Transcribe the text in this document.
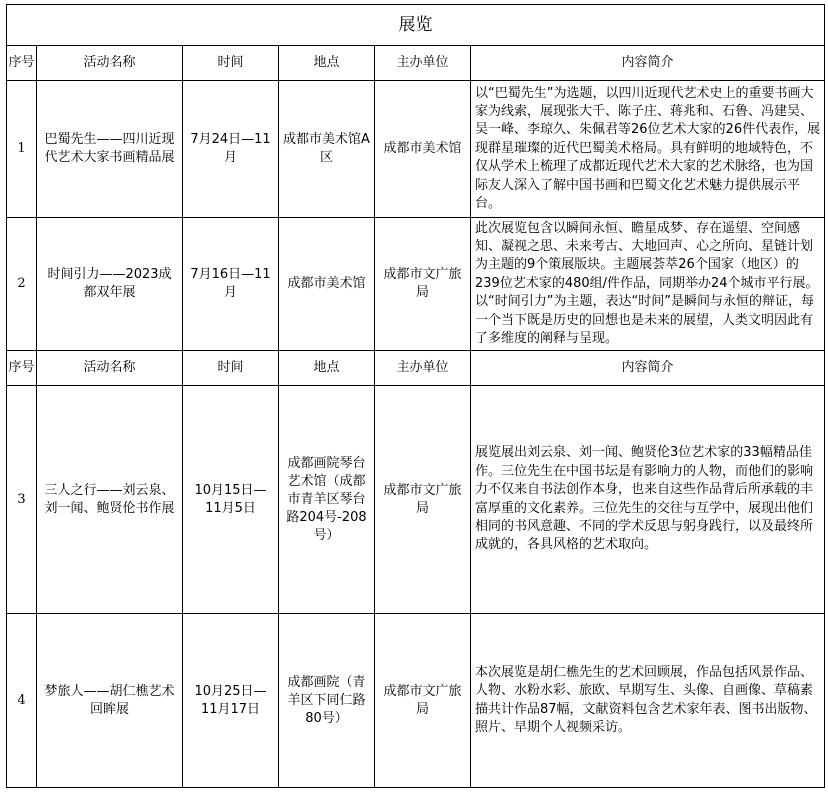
展览					
序号	活动名称	时间	地点	主办单位	内容简介
1	巴蜀先生——四川近现代艺术大家书画精品展	7月24日—11月	成都市美术馆A区	成都市美术馆	以“巴蜀先生”为选题，以四川近现代艺术史上的重要书画大家为线索，展现张大千、陈子庄、蒋兆和、石鲁、冯建吴、吴一峰、李琼久、朱佩君等26位艺术大家的26件代表作，展现群星璀璨的近代巴蜀美术格局。具有鲜明的地域特色，不仅从学术上梳理了成都近现代艺术大家的艺术脉络，也为国际友人深入了解中国书画和巴蜀文化艺术魅力提供展示平台。
2	时间引力——2023成都双年展	7月16日—11月	成都市美术馆	成都市文广旅局	此次展览包含以瞬间永恒、瞻星成梦、存在遥望、空间感知、凝视之思、未来考古、大地回声、心之所向、星链计划为主题的9个策展版块。主题展荟萃26个国家（地区）的239位艺术家的480组/件作品，同期举办24个城市平行展。以“时间引力”为主题，表达“时间”是瞬间与永恒的辩证，每一个当下既是历史的回想也是未来的展望，人类文明因此有了多维度的阐释与呈现。
序号	活动名称	时间	地点	主办单位	内容简介
3	三人之行——刘云泉、刘一闻、鲍贤伦书作展	10月15日—11月5日	成都画院琴台艺术馆（成都市青羊区琴台路204号-208号）	成都市文广旅局	展览展出刘云泉、刘一闻、鲍贤伦3位艺术家的33幅精品佳作。三位先生在中国书坛是有影响力的人物，而他们的影响力不仅来自书法创作本身，也来自这些作品背后所承载的丰富厚重的文化素养。三位先生的交往与互学中，展现出他们相同的书风意趣、不同的学术反思与躬身践行，以及最终所成就的，各具风格的艺术取向。
4	梦旅人——胡仁樵艺术回眸展	10月25日—11月17日	成都画院（青羊区下同仁路80号）	成都市文广旅局	本次展览是胡仁樵先生的艺术回顾展，作品包括风景作品、人物、水粉水彩、旅欧、早期写生、头像、自画像、草稿素描共计作品87幅，文献资料包含艺术家年表、图书出版物、照片、早期个人视频采访。
